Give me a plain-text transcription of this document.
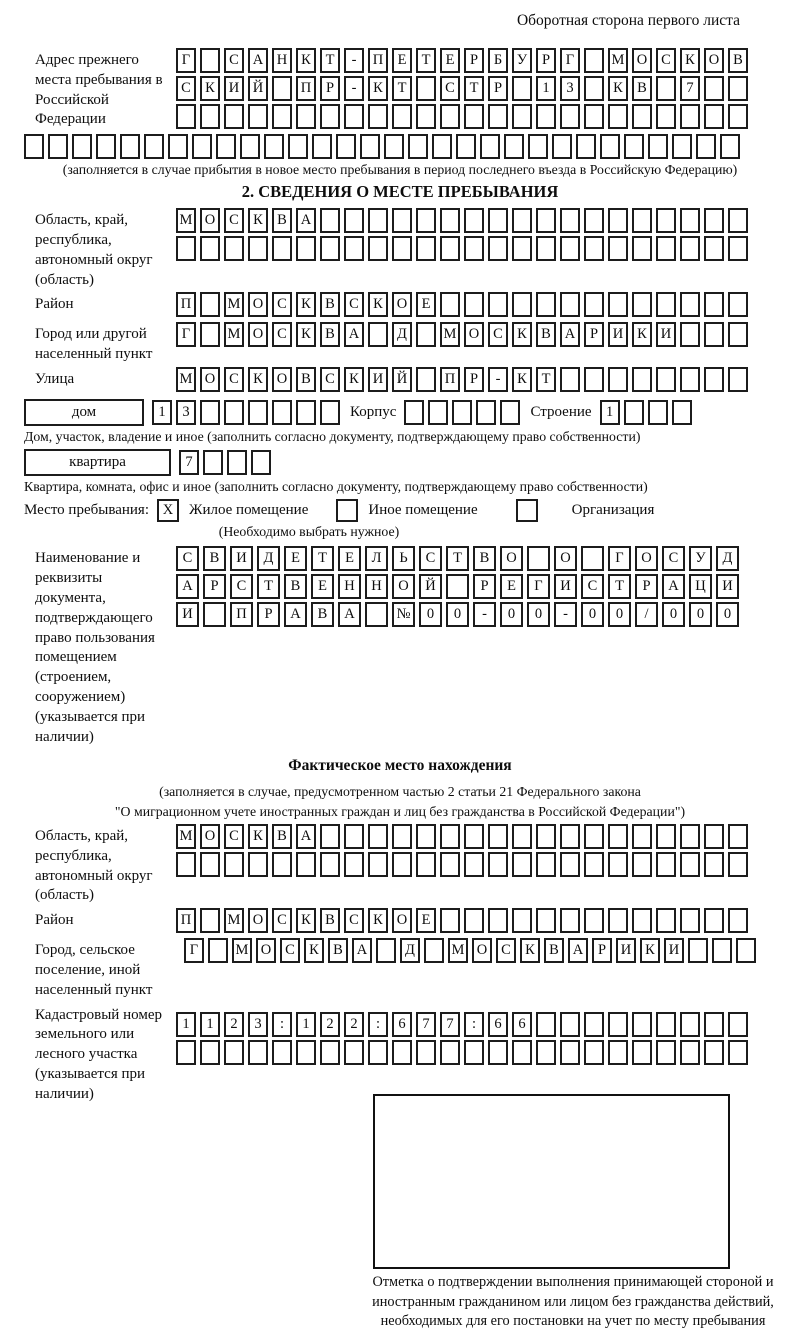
Оборотная сторона первого листа
Адрес прежнего места пребывания в Российской Федерации
Г	С А Н К	Т	-	П Е	Т	Е	Р	Б	У	Р	Г	М О С К О В
С К И Й	П	Р	-	К	Т	С	Т	Р	1	3	К В	7
(заполняется в случае прибытия в новое место пребывания в период последнего въезда в Российскую Федерацию)
2. СВЕДЕНИЯ О МЕСТЕ ПРЕБЫВАНИЯ
Область, край, республика, автономный округ (область)
М О С К В А
Район	П	М О С К В С К О Е
Город или другой населенный пункт
Г	М О С К В А	Д	М О С К В А	Р	И К И
Улица	М О С К О В С К И Й	П	Р	-	К	Т
дом	1	3	Корпус	Строение 1
Дом, участок, владение и иное (заполнить согласно документу, подтверждающему право собственности)
квартира	7
Квартира, комната, офис и иное (заполнить согласно документу, подтверждающему право собственности)
Место пребывания: X	Жилое помещение	Иное помещение	Организация
(Необходимо выбрать нужное)
Наименование и реквизиты документа, подтверждающего право пользования помещением (строением, сооружением) (указывается при наличии)
С	В	И	Д	Е	Т	Е	Л	Ь	С	Т	В	О	О	Г	О	С	У	Д
А	Р	С	Т	В	Е	Н	Н	О	Й	Р	Е	Г	И	С	Т	Р	А	Ц	И
И	П	Р	А	В	А	№	0	0	-	0	0	-	0	0	/	0	0	0
Фактическое место нахождения
(заполняется в случае, предусмотренном частью 2 статьи 21 Федерального закона
"О миграционном учете иностранных граждан и лиц без гражданства в Российской Федерации")
Область, край, республика, автономный округ (область)
М О С К В А
Район	П	М О С К В С К О Е
Город, сельское поселение, иной населенный пункт
Г	М О С К В А	Д	М О С К В А	Р	И К И
Кадастровый номер земельного или лесного участка (указывается при наличии)
1	1	2	3	:	1	2	2	:	6	7	7	:	6	6
Отметка о подтверждении выполнения принимающей стороной и иностранным гражданином или лицом без гражданства действий, необходимых для его постановки на учет по месту пребывания
